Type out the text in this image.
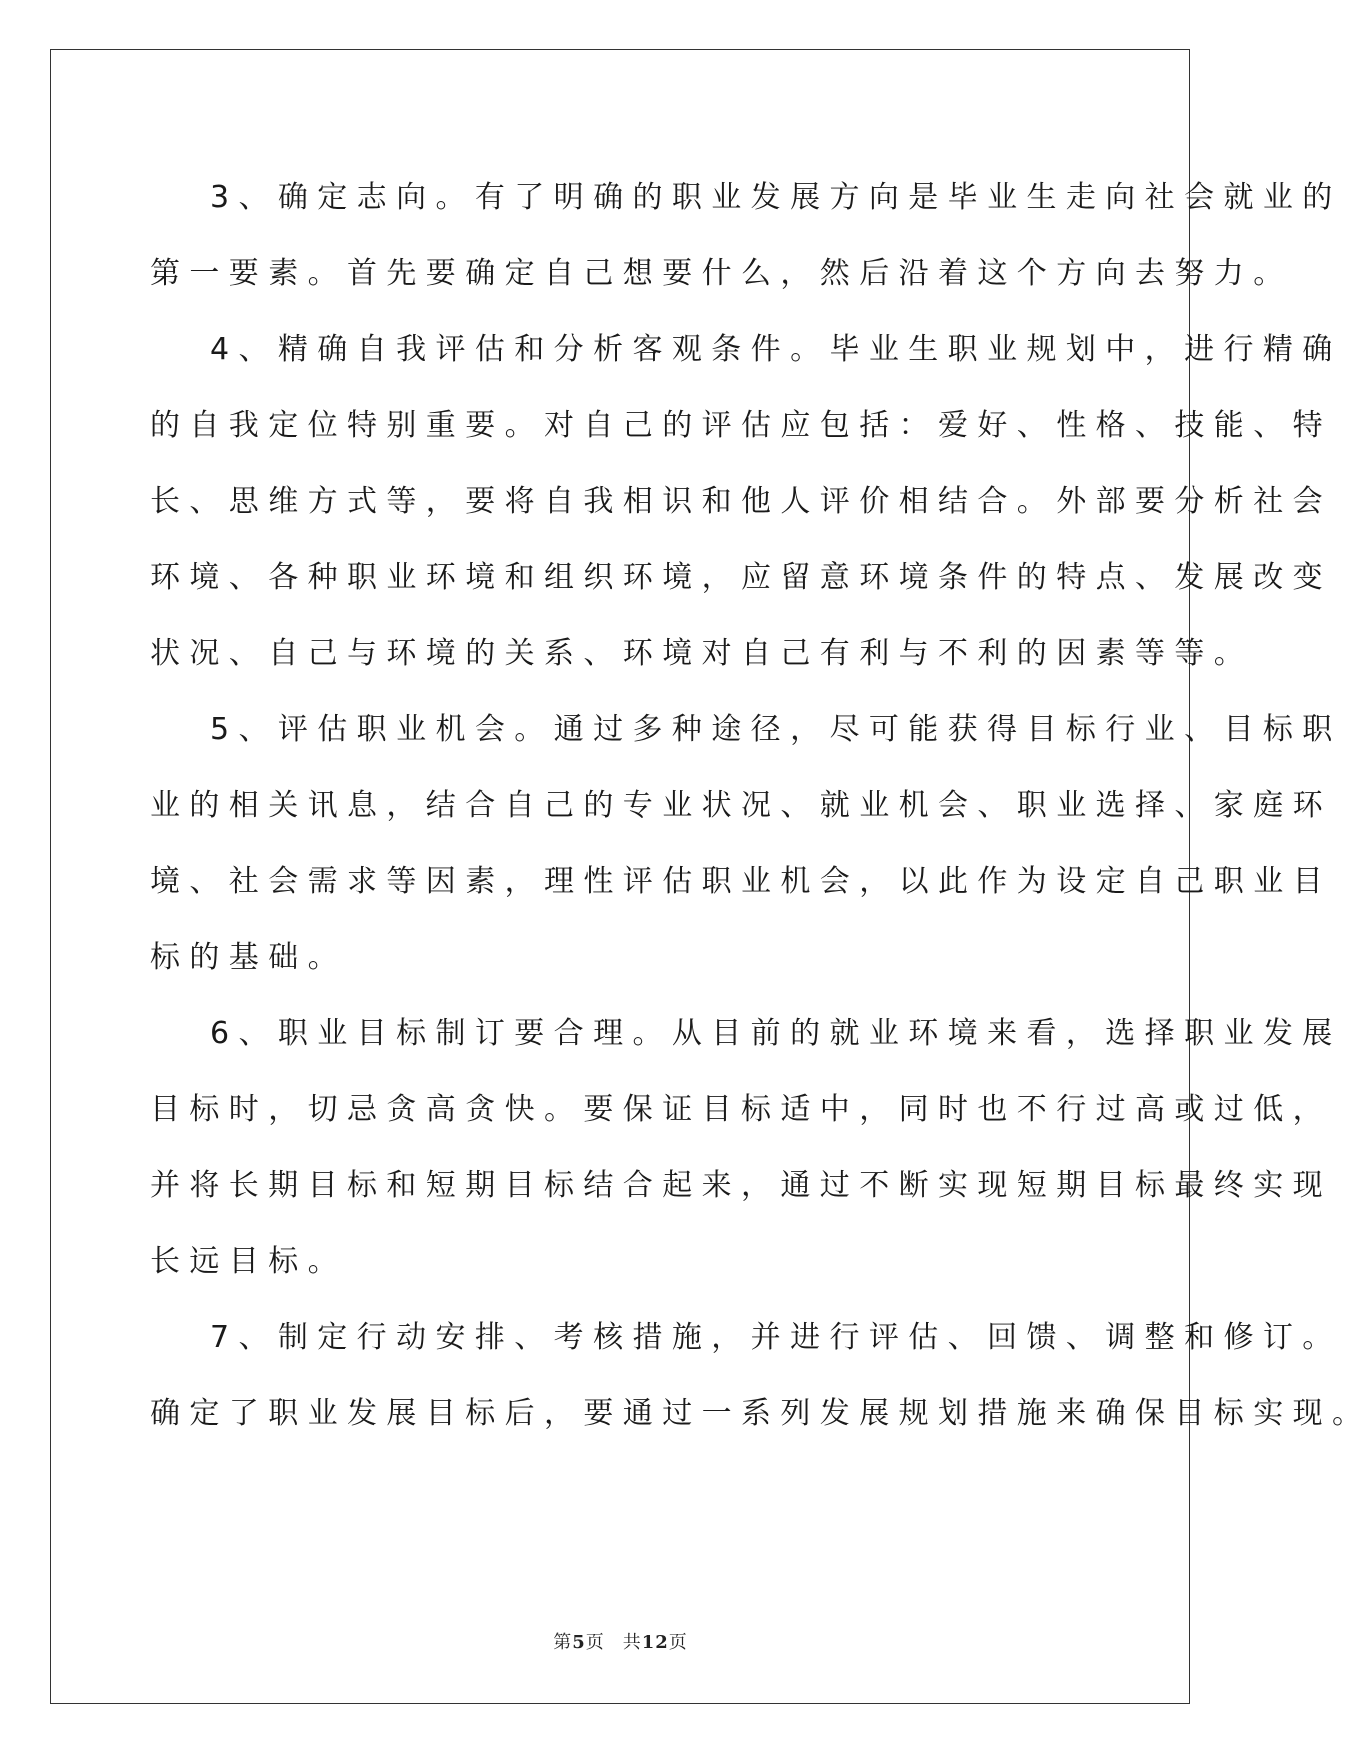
3、确定志向。有了明确的职业发展方向是毕业生走向社会就业的
第一要素。首先要确定自己想要什么，然后沿着这个方向去努力。
4、精确自我评估和分析客观条件。毕业生职业规划中，进行精确
的自我定位特别重要。对自己的评估应包括：爱好、性格、技能、特
长、思维方式等，要将自我相识和他人评价相结合。外部要分析社会
环境、各种职业环境和组织环境，应留意环境条件的特点、发展改变
状况、自己与环境的关系、环境对自己有利与不利的因素等等。
5、评估职业机会。通过多种途径，尽可能获得目标行业、目标职
业的相关讯息，结合自己的专业状况、就业机会、职业选择、家庭环
境、社会需求等因素，理性评估职业机会，以此作为设定自己职业目
标的基础。
6、职业目标制订要合理。从目前的就业环境来看，选择职业发展
目标时，切忌贪高贪快。要保证目标适中，同时也不行过高或过低，
并将长期目标和短期目标结合起来，通过不断实现短期目标最终实现
长远目标。
7、制定行动安排、考核措施，并进行评估、回馈、调整和修订。
确定了职业发展目标后，要通过一系列发展规划措施来确保目标实现。
第5页 共12页
